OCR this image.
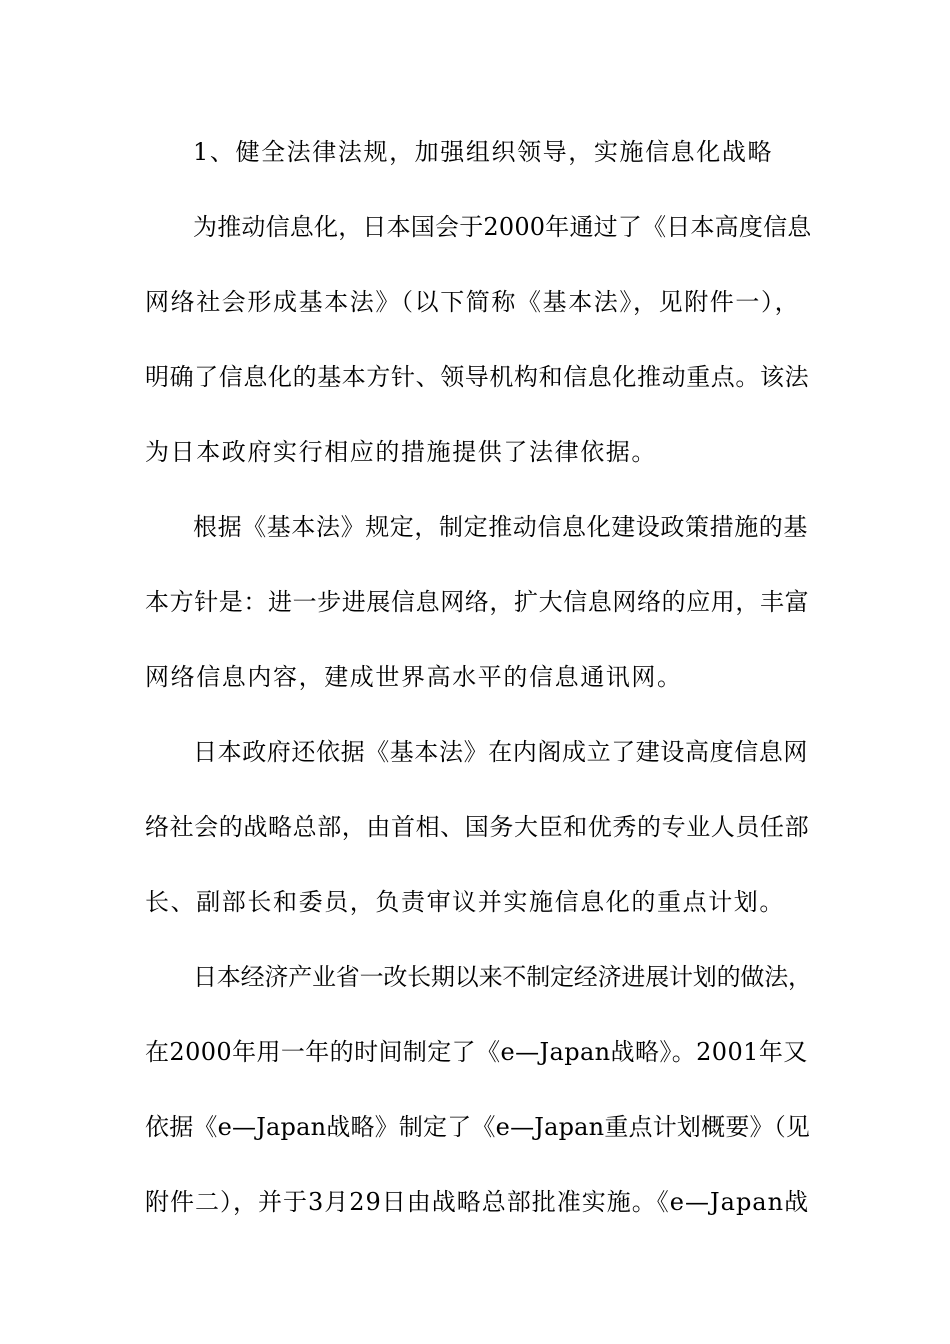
1、健全法律法规，加强组织领导，实施信息化战略
为推动信息化，日本国会于2000年通过了《日本高度信息
网络社会形成基本法》（以下简称《基本法》，见附件一），
明确了信息化的基本方针、领导机构和信息化推动重点。该法
为日本政府实行相应的措施提供了法律依据。
根据《基本法》规定，制定推动信息化建设政策措施的基
本方针是：进一步进展信息网络，扩大信息网络的应用，丰富
网络信息内容，建成世界高水平的信息通讯网。
日本政府还依据《基本法》在内阁成立了建设高度信息网
络社会的战略总部，由首相、国务大臣和优秀的专业人员任部
长、副部长和委员，负责审议并实施信息化的重点计划。
日本经济产业省一改长期以来不制定经济进展计划的做法，
在2000年用一年的时间制定了《e—Japan战略》。2001年又
依据《e—Japan战略》制定了《e—Japan重点计划概要》（见
附件二），并于3月29日由战略总部批准实施。《e—Japan战
